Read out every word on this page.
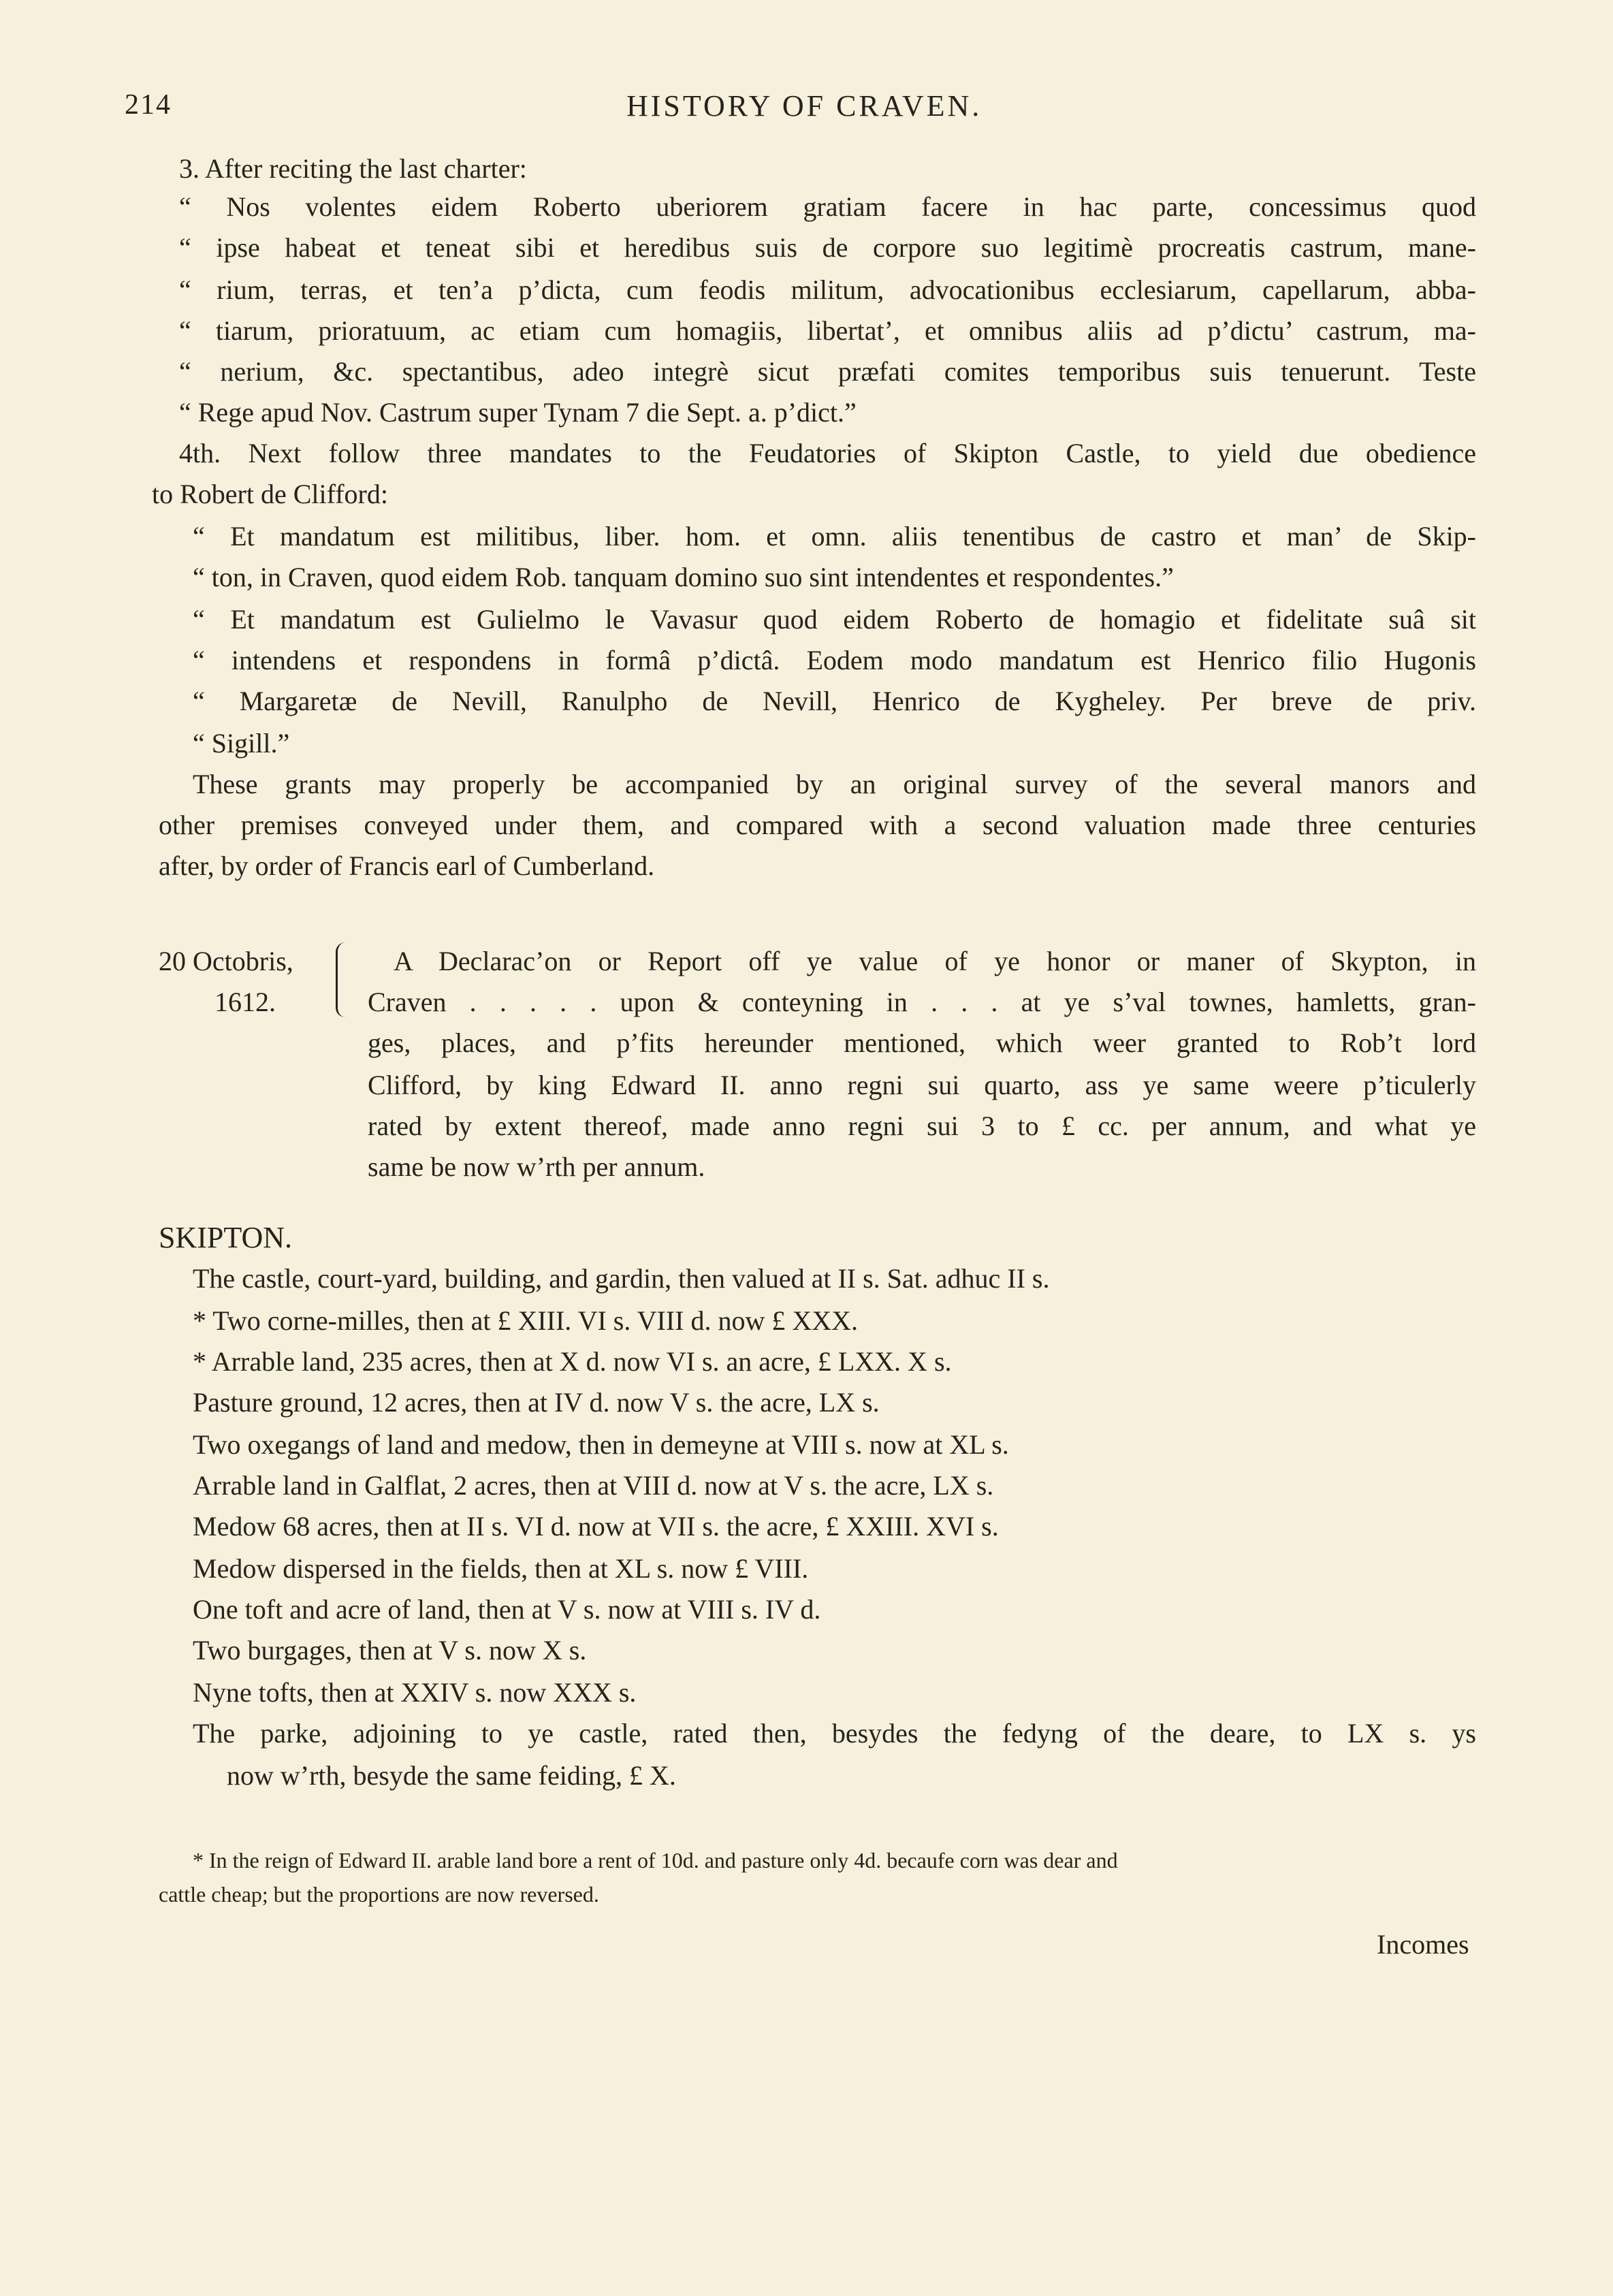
214	HISTORY OF CRAVEN.
3. After reciting the last charter:
“ Nos volentes eidem Roberto uberiorem gratiam facere in hac parte, concessimus quod
“ ipse habeat et teneat sibi et heredibus suis de corpore suo legitimè procreatis castrum, mane-
“ rium, terras, et ten’a p’dicta, cum feodis militum, advocationibus ecclesiarum, capellarum, abba-
“ tiarum, prioratuum, ac etiam cum homagiis, libertat’, et omnibus aliis ad p’dictu’ castrum, ma-
“ nerium, &c. spectantibus, adeo integrè sicut præfati comites temporibus suis tenuerunt. Teste
“ Rege apud Nov. Castrum super Tynam 7 die Sept. a. p’dict.”
4th. Next follow three mandates to the Feudatories of Skipton Castle, to yield due obedience
to Robert de Clifford:
“ Et mandatum est militibus, liber. hom. et omn. aliis tenentibus de castro et man’ de Skip-
“ ton, in Craven, quod eidem Rob. tanquam domino suo sint intendentes et respondentes.”
“ Et mandatum est Gulielmo le Vavasur quod eidem Roberto de homagio et fidelitate suâ sit
“ intendens et respondens in formâ p’dictâ. Eodem modo mandatum est Henrico filio Hugonis
“ Margaretæ de Nevill, Ranulpho de Nevill, Henrico de Kygheley. Per breve de priv.
“ Sigill.”
These grants may properly be accompanied by an original survey of the several manors and
other premises conveyed under them, and compared with a second valuation made three centuries
after, by order of Francis earl of Cumberland.
20 Octobris,
1612.
A Declarac’on or Report off ye value of ye honor or maner of Skypton, in
Craven . . . . . upon & conteyning in . . . at ye s’val townes, hamletts, gran-
ges, places, and p’fits hereunder mentioned, which weer granted to Rob’t lord
Clifford, by king Edward II. anno regni sui quarto, ass ye same weere p’ticulerly
rated by extent thereof, made anno regni sui 3 to £ cc. per annum, and what ye
same be now w’rth per annum.
SKIPTON.
The castle, court-yard, building, and gardin, then valued at II s. Sat. adhuc II s.
* Two corne-milles, then at £ XIII. VI s. VIII d. now £ XXX.
* Arrable land, 235 acres, then at X d. now VI s. an acre, £ LXX. X s.
Pasture ground, 12 acres, then at IV d. now V s. the acre, LX s.
Two oxegangs of land and medow, then in demeyne at VIII s. now at XL s.
Arrable land in Galflat, 2 acres, then at VIII d. now at V s. the acre, LX s.
Medow 68 acres, then at II s. VI d. now at VII s. the acre, £ XXIII. XVI s.
Medow dispersed in the fields, then at XL s. now £ VIII.
One toft and acre of land, then at V s. now at VIII s. IV d.
Two burgages, then at V s. now X s.
Nyne tofts, then at XXIV s. now XXX s.
The parke, adjoining to ye castle, rated then, besydes the fedyng of the deare, to LX s. ys
now w’rth, besyde the same feiding, £ X.
* In the reign of Edward II. arable land bore a rent of 10d. and pasture only 4d. becaufe corn was dear and
cattle cheap; but the proportions are now reversed.
Incomes
